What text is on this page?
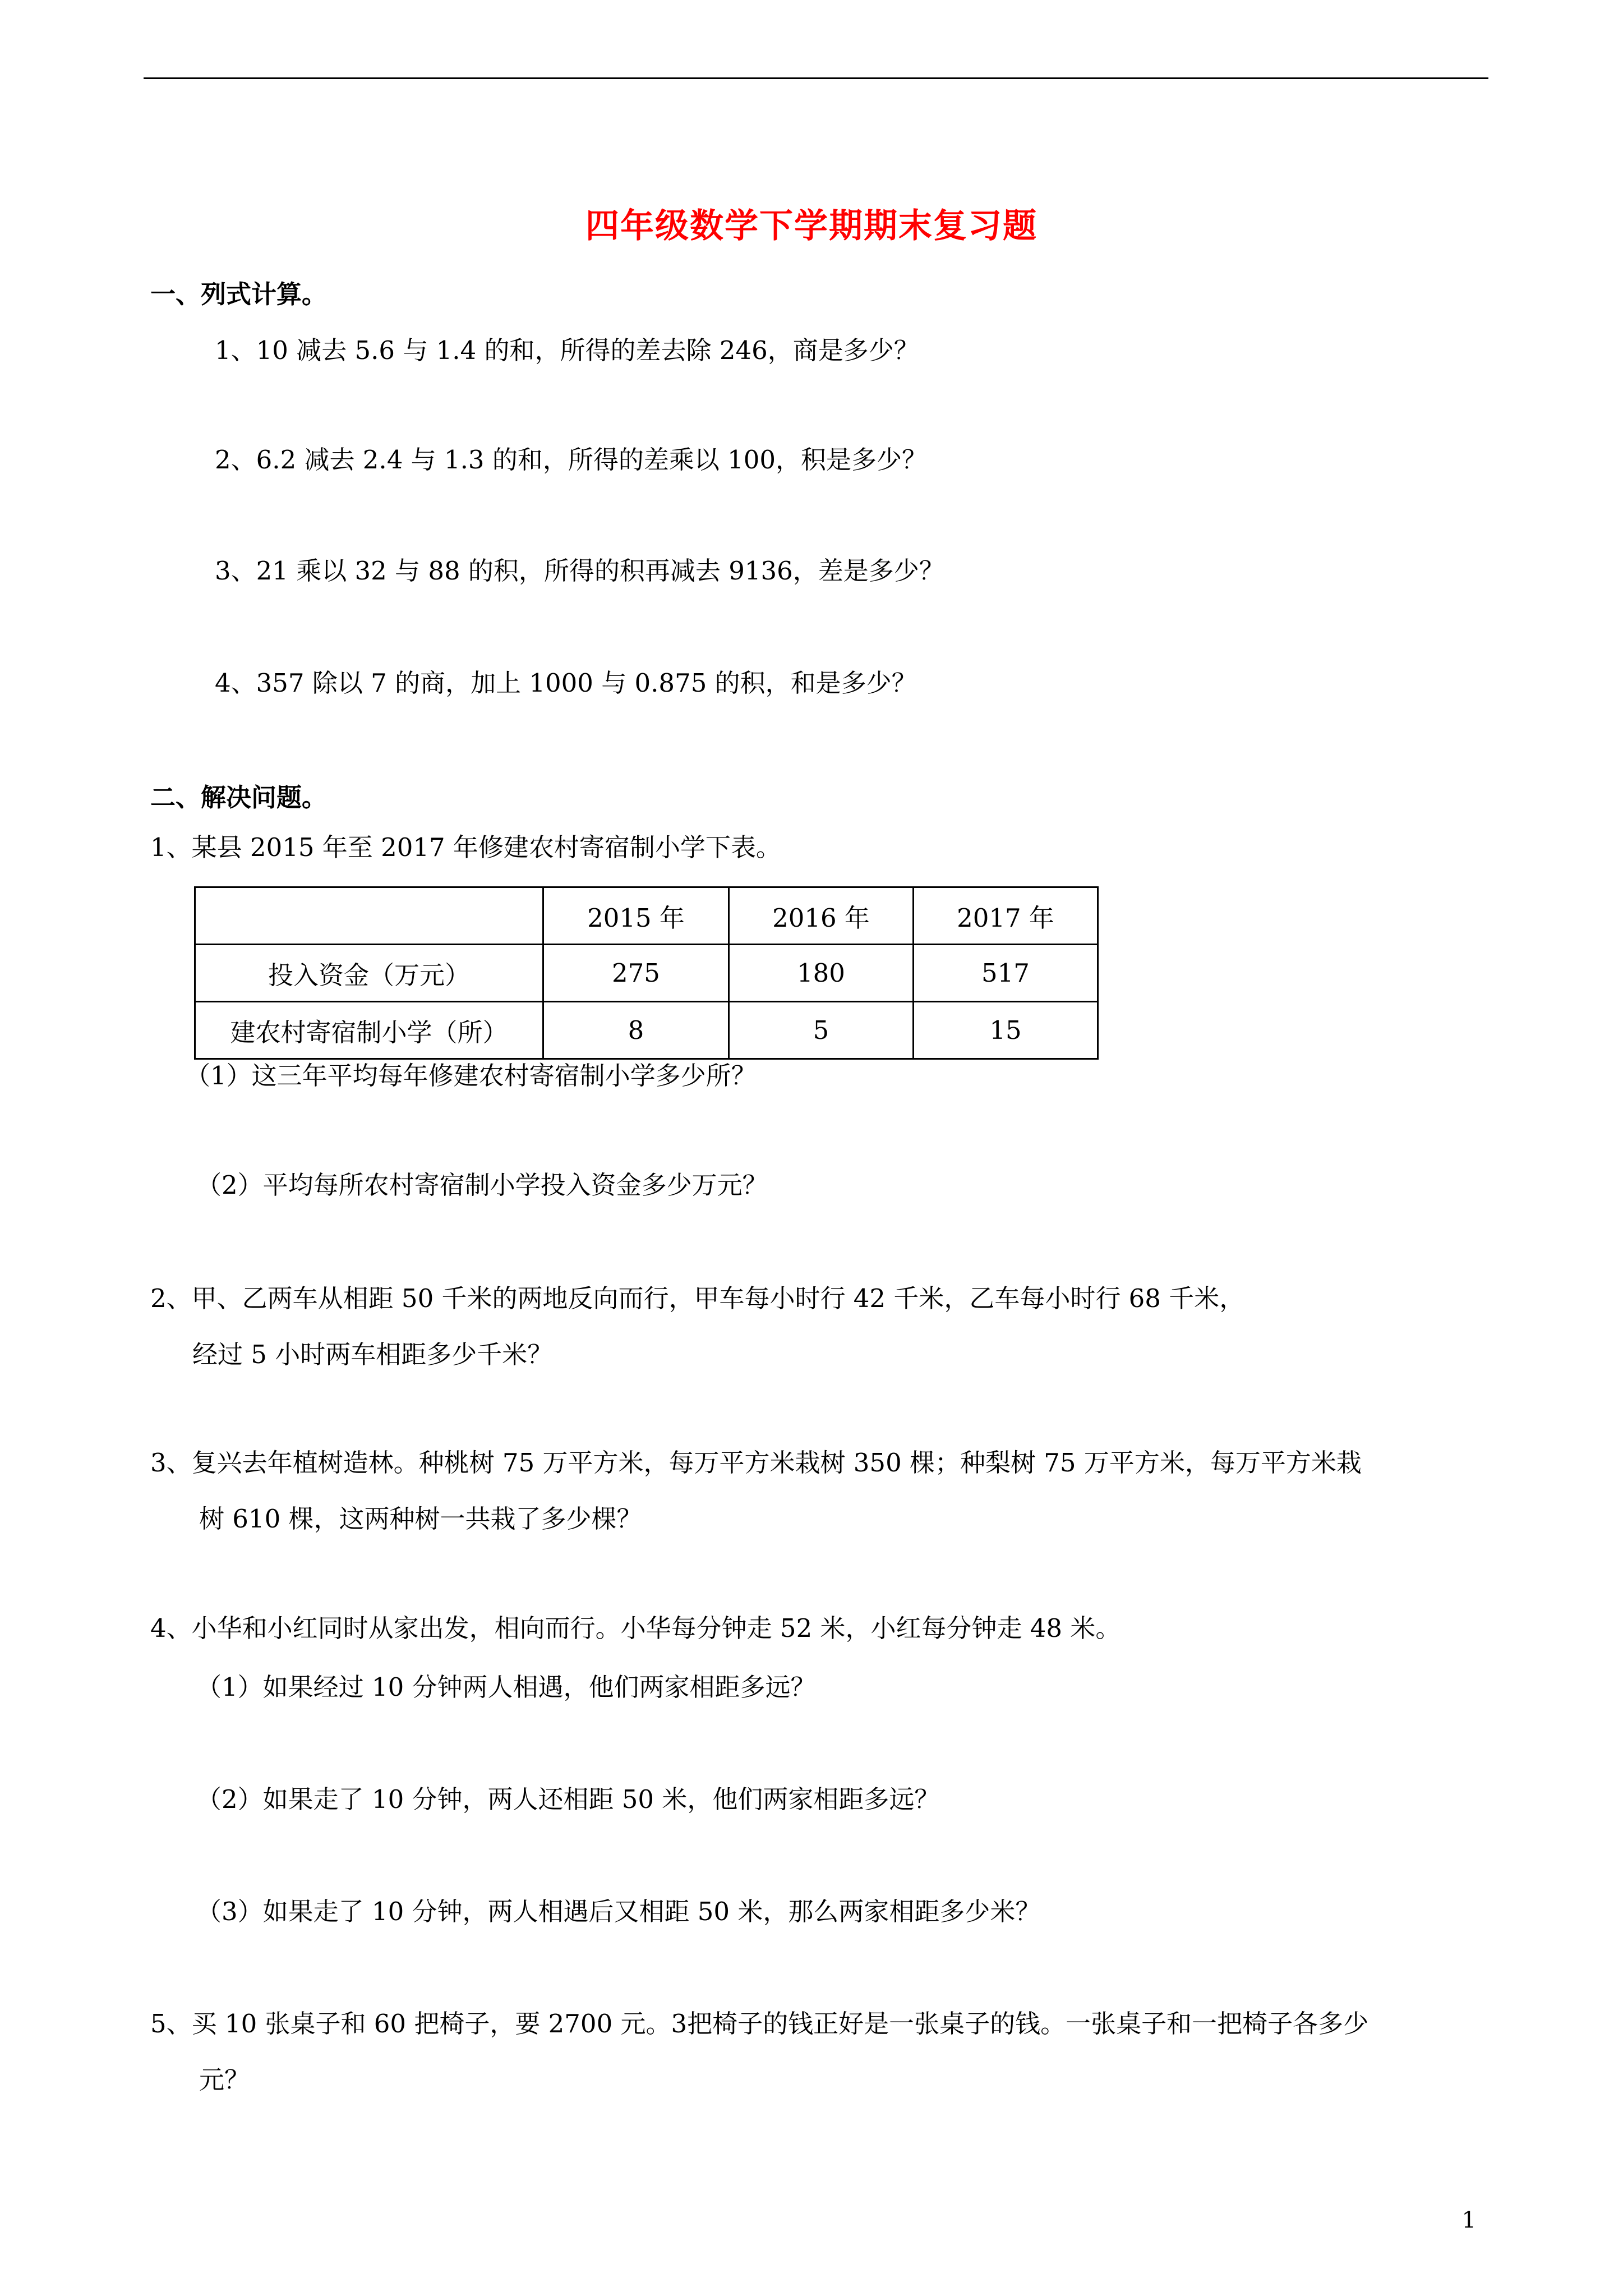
四年级数学下学期期末复习题
一、列式计算。
1、10 减去 5.6 与 1.4 的和，所得的差去除 246，商是多少？
2、6.2 减去 2.4 与 1.3 的和，所得的差乘以 100，积是多少？
3、21 乘以 32 与 88 的积，所得的积再减去 9136，差是多少？
4、357 除以 7 的商，加上 1000 与 0.875 的积，和是多少？
二、解决问题。
1、某县 2015 年至 2017 年修建农村寄宿制小学下表。
	2015 年	2016 年	2017 年
投入资金（万元）	275	180	517
建农村寄宿制小学（所）	8	5	15
（1）这三年平均每年修建农村寄宿制小学多少所？
（2）平均每所农村寄宿制小学投入资金多少万元？
2、甲、乙两车从相距 50 千米的两地反向而行，甲车每小时行 42 千米，乙车每小时行 68 千米，
经过 5 小时两车相距多少千米？
3、复兴去年植树造林。种桃树 75 万平方米，每万平方米栽树 350 棵；种梨树 75 万平方米，每万平方米栽
树 610 棵，这两种树一共栽了多少棵？
4、小华和小红同时从家出发，相向而行。小华每分钟走 52 米，小红每分钟走 48 米。
（1）如果经过 10 分钟两人相遇，他们两家相距多远？
（2）如果走了 10 分钟，两人还相距 50 米，他们两家相距多远？
（3）如果走了 10 分钟，两人相遇后又相距 50 米，那么两家相距多少米？
5、买 10 张桌子和 60 把椅子，要 2700 元。3把椅子的钱正好是一张桌子的钱。一张桌子和一把椅子各多少
元？
1
